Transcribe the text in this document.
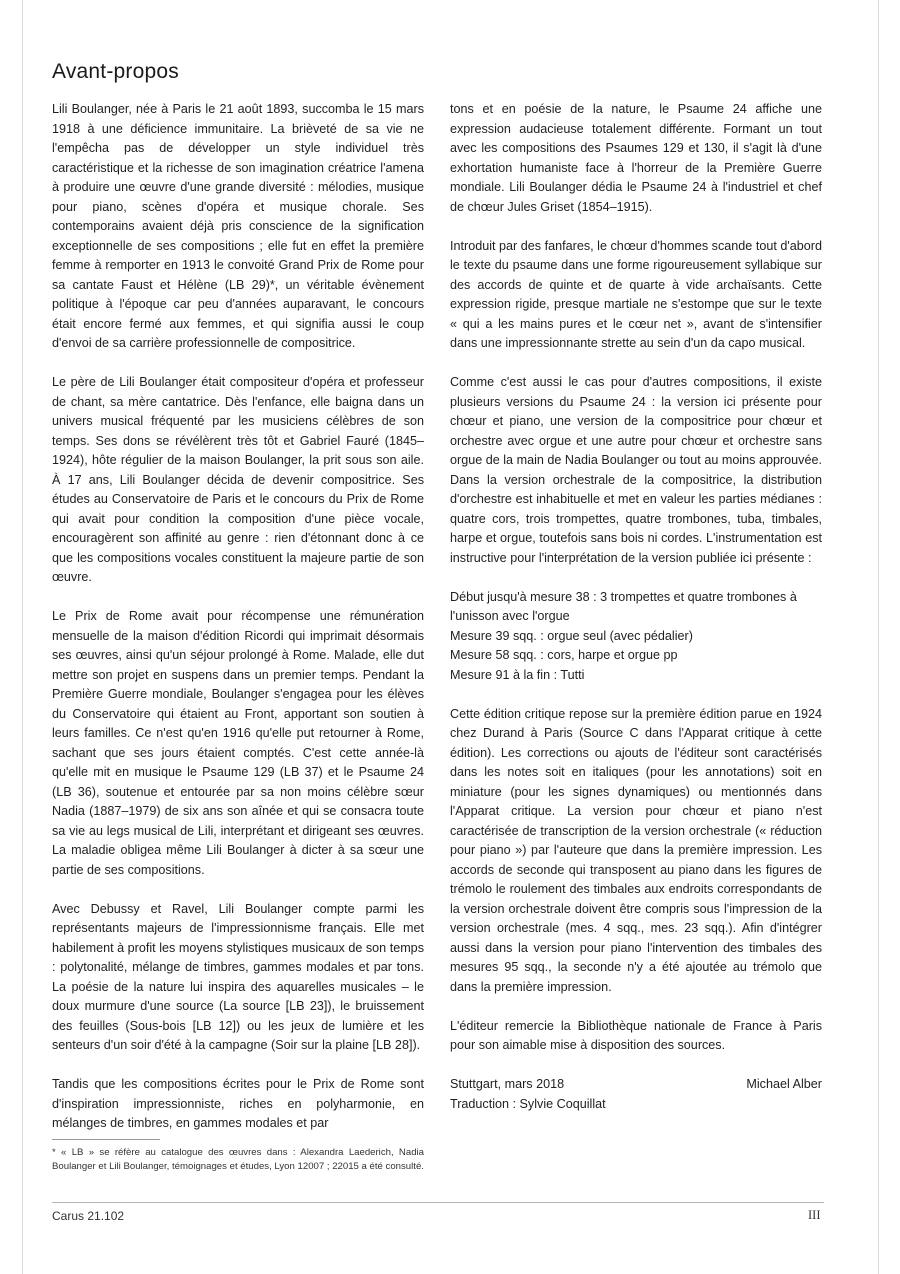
Avant-propos

Lili Boulanger, née à Paris le 21 août 1893, succomba le 15 mars 1918 à une déficience immunitaire. La brièveté de sa vie ne l'empêcha pas de développer un style individuel très caractéristique et la richesse de son imagination créatrice l'amena à produire une œuvre d'une grande diversité : mélodies, musique pour piano, scènes d'opéra et musique chorale. Ses contemporains avaient déjà pris conscience de la signification exceptionnelle de ses compositions ; elle fut en effet la première femme à remporter en 1913 le convoité Grand Prix de Rome pour sa cantate Faust et Hélène (LB 29)*, un véritable évènement politique à l'époque car peu d'années auparavant, le concours était encore fermé aux femmes, et qui signifia aussi le coup d'envoi de sa carrière professionnelle de compositrice.

Le père de Lili Boulanger était compositeur d'opéra et professeur de chant, sa mère cantatrice. Dès l'enfance, elle baigna dans un univers musical fréquenté par les musiciens célèbres de son temps. Ses dons se révélèrent très tôt et Gabriel Fauré (1845–1924), hôte régulier de la maison Boulanger, la prit sous son aile. À 17 ans, Lili Boulanger décida de devenir compositrice. Ses études au Conservatoire de Paris et le concours du Prix de Rome qui avait pour condition la composition d'une pièce vocale, encouragèrent son affinité au genre : rien d'étonnant donc à ce que les compositions vocales constituent la majeure partie de son œuvre.

Le Prix de Rome avait pour récompense une rémunération mensuelle de la maison d'édition Ricordi qui imprimait désormais ses œuvres, ainsi qu'un séjour prolongé à Rome. Malade, elle dut mettre son projet en suspens dans un premier temps. Pendant la Première Guerre mondiale, Boulanger s'engagea pour les élèves du Conservatoire qui étaient au Front, apportant son soutien à leurs familles. Ce n'est qu'en 1916 qu'elle put retourner à Rome, sachant que ses jours étaient comptés. C'est cette année-là qu'elle mit en musique le Psaume 129 (LB 37) et le Psaume 24 (LB 36), soutenue et entourée par sa non moins célèbre sœur Nadia (1887–1979) de six ans son aînée et qui se consacra toute sa vie au legs musical de Lili, interprétant et dirigeant ses œuvres. La maladie obligea même Lili Boulanger à dicter à sa sœur une partie de ses compositions.

Avec Debussy et Ravel, Lili Boulanger compte parmi les représentants majeurs de l'impressionnisme français. Elle met habilement à profit les moyens stylistiques musicaux de son temps : polytonalité, mélange de timbres, gammes modales et par tons. La poésie de la nature lui inspira des aquarelles musicales – le doux murmure d'une source (La source [LB 23]), le bruissement des feuilles (Sous-bois [LB 12]) ou les jeux de lumière et les senteurs d'un soir d'été à la campagne (Soir sur la plaine [LB 28]).

Tandis que les compositions écrites pour le Prix de Rome sont d'inspiration impressionniste, riches en polyharmonie, en mélanges de timbres, en gammes modales et par

* « LB » se réfère au catalogue des œuvres dans : Alexandra Laederich, Nadia Boulanger et Lili Boulanger, témoignages et études, Lyon 12007 ; 22015 a été consulté.

tons et en poésie de la nature, le Psaume 24 affiche une expression audacieuse totalement différente. Formant un tout avec les compositions des Psaumes 129 et 130, il s'agit là d'une exhortation humaniste face à l'horreur de la Première Guerre mondiale. Lili Boulanger dédia le Psaume 24 à l'industriel et chef de chœur Jules Griset (1854–1915).

Introduit par des fanfares, le chœur d'hommes scande tout d'abord le texte du psaume dans une forme rigoureusement syllabique sur des accords de quinte et de quarte à vide archaïsants. Cette expression rigide, presque martiale ne s'estompe que sur le texte « qui a les mains pures et le cœur net », avant de s'intensifier dans une impressionnante strette au sein d'un da capo musical.

Comme c'est aussi le cas pour d'autres compositions, il existe plusieurs versions du Psaume 24 : la version ici présente pour chœur et piano, une version de la compositrice pour chœur et orchestre avec orgue et une autre pour chœur et orchestre sans orgue de la main de Nadia Boulanger ou tout au moins approuvée. Dans la version orchestrale de la compositrice, la distribution d'orchestre est inhabituelle et met en valeur les parties médianes : quatre cors, trois trompettes, quatre trombones, tuba, timbales, harpe et orgue, toutefois sans bois ni cordes. L'instrumentation est instructive pour l'interprétation de la version publiée ici présente :

Début jusqu'à mesure 38 : 3 trompettes et quatre trombones à l'unisson avec l'orgue
Mesure 39 sqq. : orgue seul (avec pédalier)
Mesure 58 sqq. : cors, harpe et orgue pp
Mesure 91 à la fin : Tutti

Cette édition critique repose sur la première édition parue en 1924 chez Durand à Paris (Source C dans l'Apparat critique à cette édition). Les corrections ou ajouts de l'éditeur sont caractérisés dans les notes soit en italiques (pour les annotations) soit en miniature (pour les signes dynamiques) ou mentionnés dans l'Apparat critique. La version pour chœur et piano n'est caractérisée de transcription de la version orchestrale (« réduction pour piano ») par l'auteure que dans la première impression. Les accords de seconde qui transposent au piano dans les figures de trémolo le roulement des timbales aux endroits correspondants de la version orchestrale doivent être compris sous l'impression de la version orchestrale (mes. 4 sqq., mes. 23 sqq.). Afin d'intégrer aussi dans la version pour piano l'intervention des timbales des mesures 95 sqq., la seconde n'y a été ajoutée au trémolo que dans la première impression.

L'éditeur remercie la Bibliothèque nationale de France à Paris pour son aimable mise à disposition des sources.

Stuttgart, mars 2018	Michael Alber
Traduction : Sylvie Coquillat
Carus 21.102	III
